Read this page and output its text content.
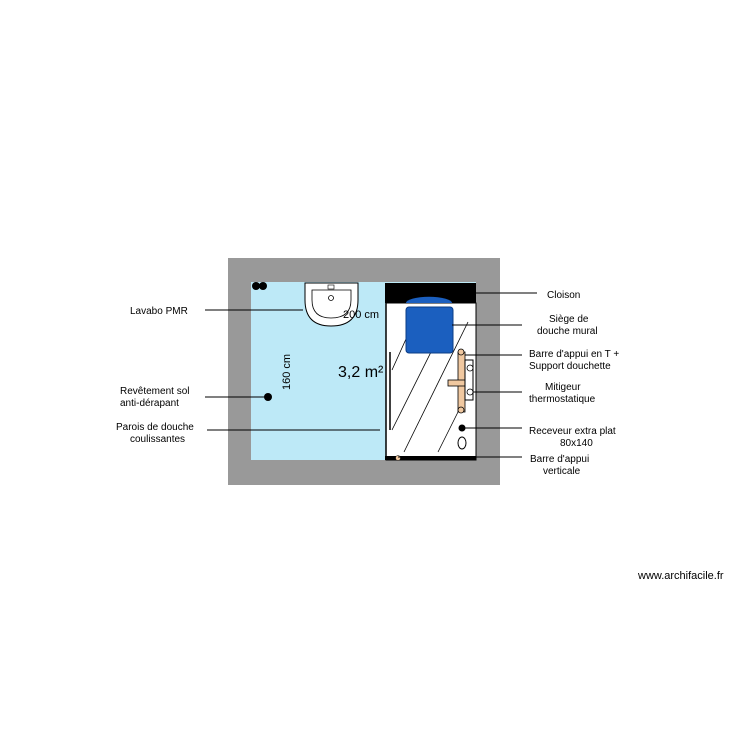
3,2 m²
200 cm
160 cm
Lavabo PMR
Revêtement sol
anti-dérapant
Parois de douche
coulissantes
Cloison
Siège de
douche mural
Barre d'appui en T +
Support douchette
Mitigeur
thermostatique
Receveur extra plat
80x140
Barre d'appui
verticale
www.archifacile.fr
